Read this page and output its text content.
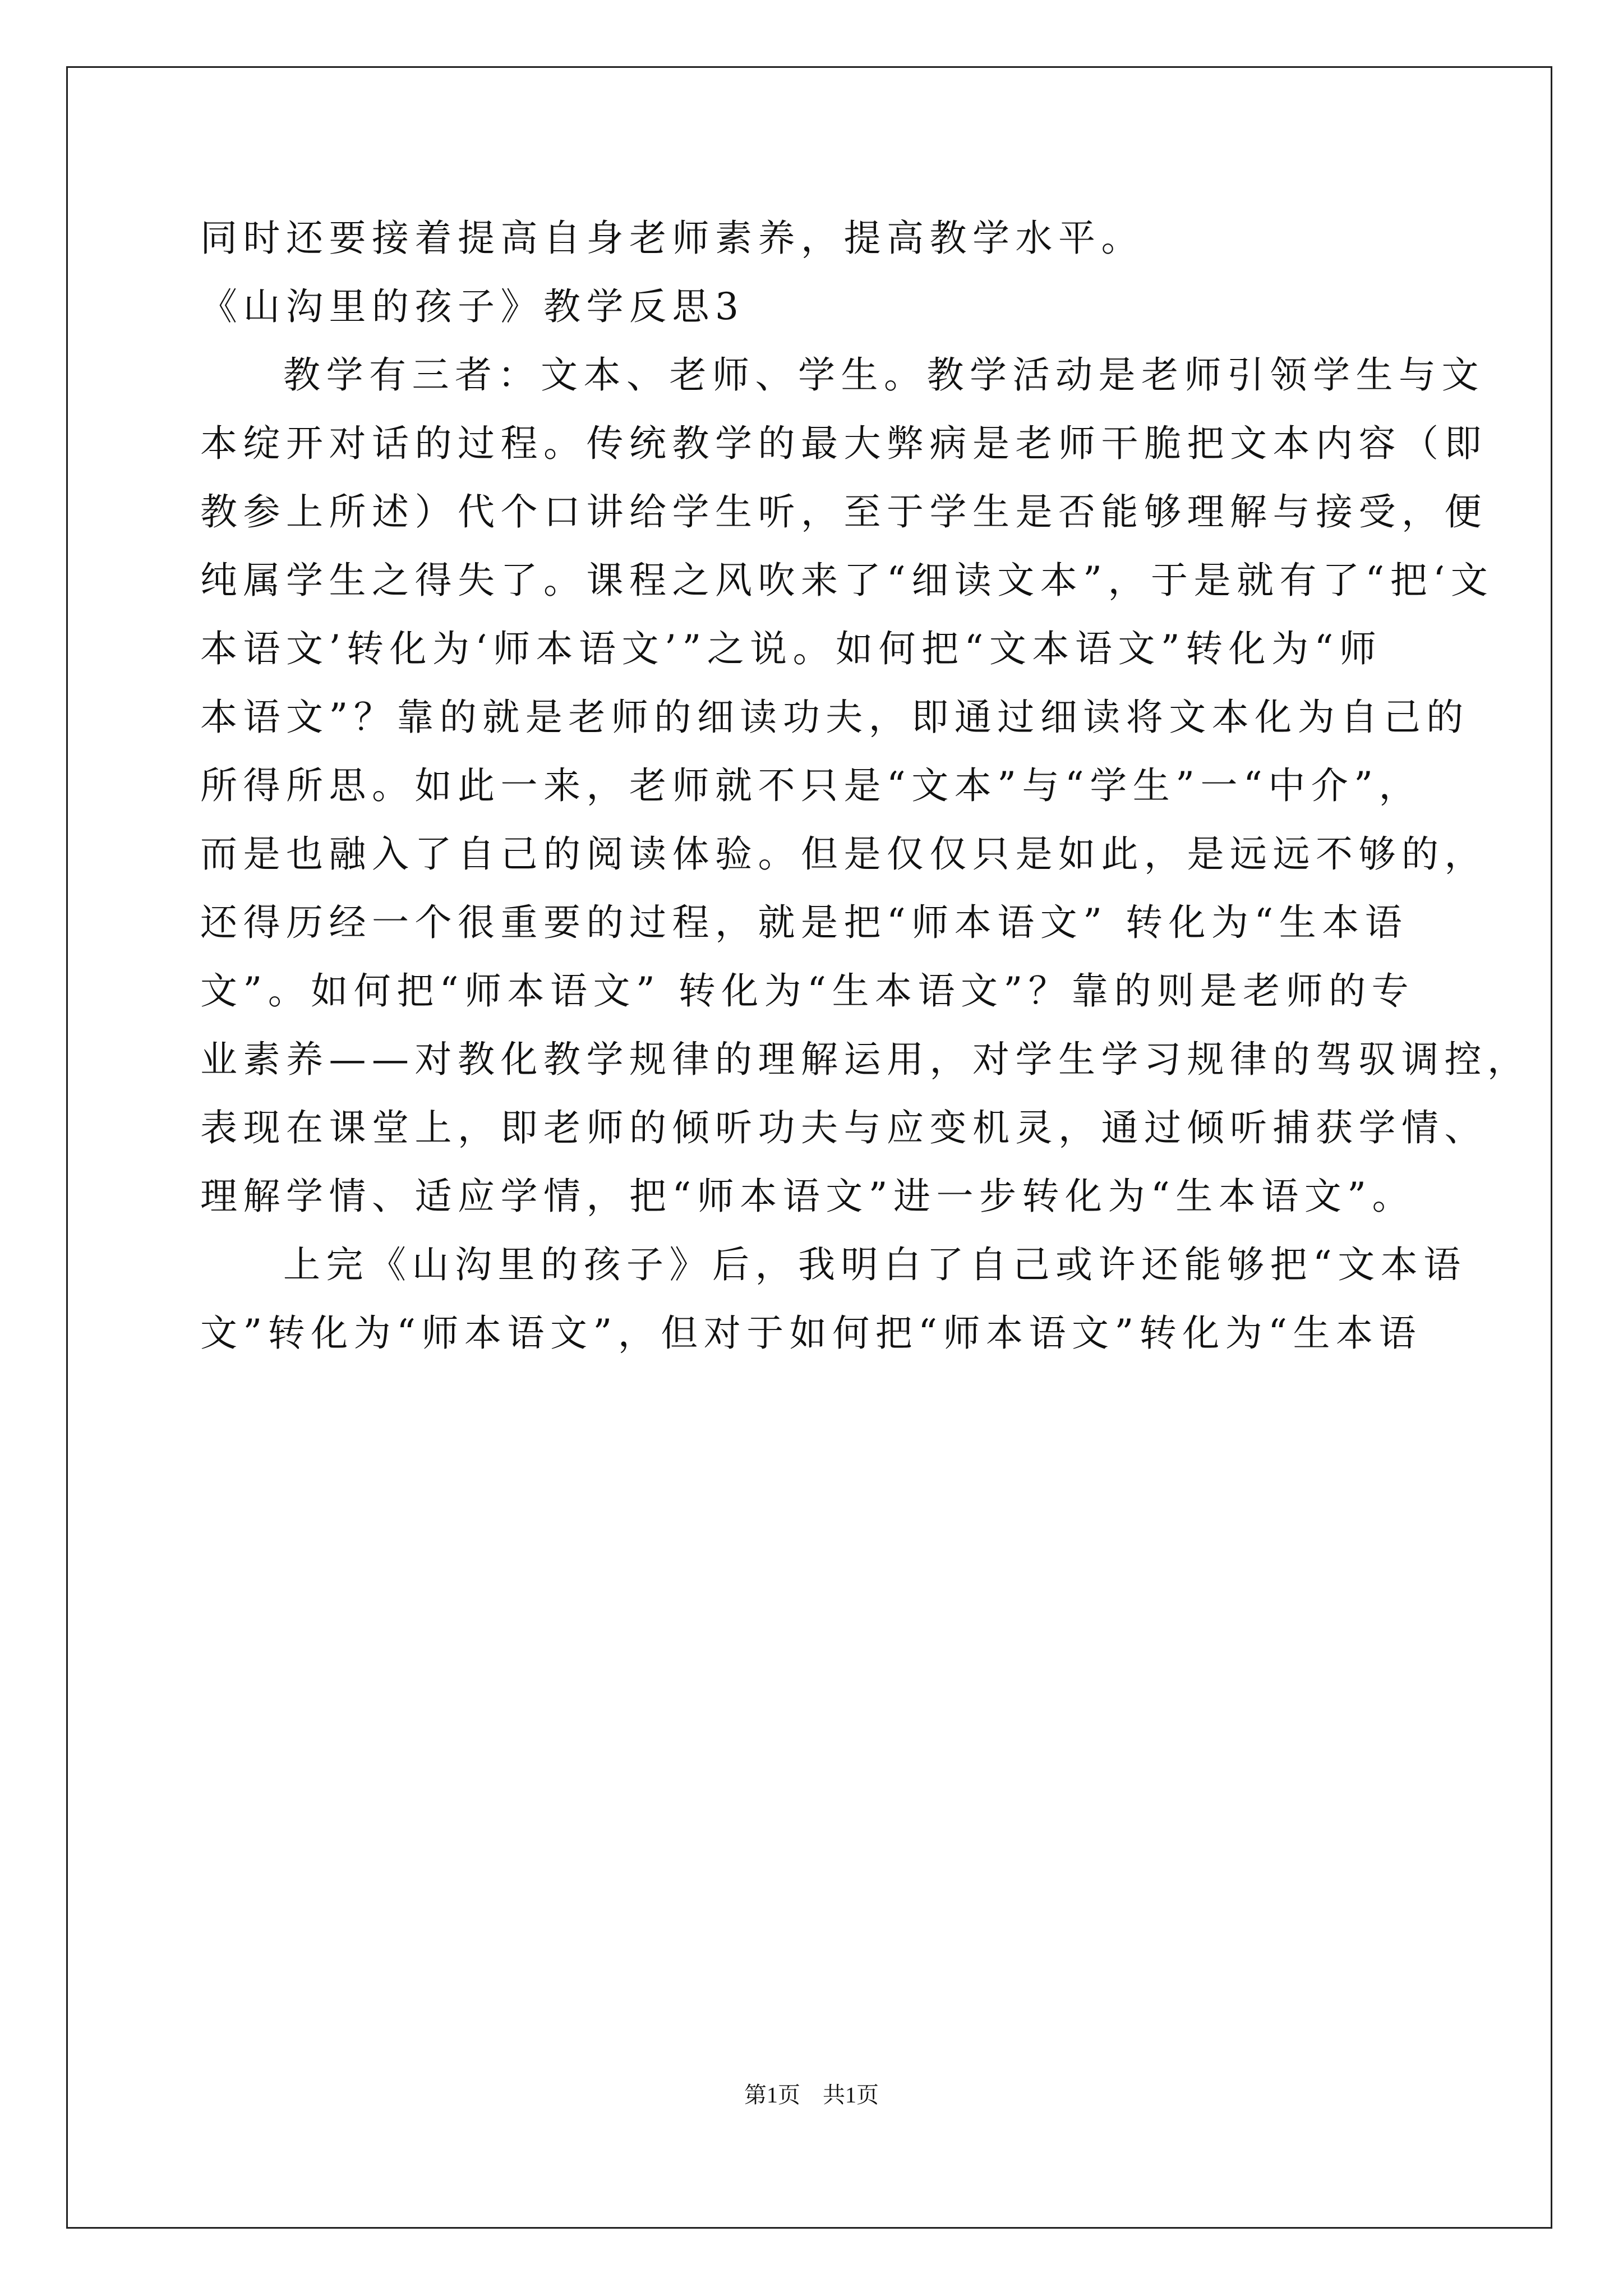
同时还要接着提高自身老师素养，提高教学水平。
《山沟里的孩子》教学反思3
教学有三者：文本、老师、学生。教学活动是老师引领学生与文
本绽开对话的过程。传统教学的最大弊病是老师干脆把文本内容（即
教参上所述）代个口讲给学生听，至于学生是否能够理解与接受，便
纯属学生之得失了。课程之风吹来了“细读文本”，于是就有了“把‘文
本语文’转化为‘师本语文’”之说。如何把“文本语文”转化为“师
本语文”？靠的就是老师的细读功夫，即通过细读将文本化为自己的
所得所思。如此一来，老师就不只是“文本”与“学生”一“中介”，
而是也融入了自己的阅读体验。但是仅仅只是如此，是远远不够的，
还得历经一个很重要的过程，就是把“师本语文” 转化为“生本语
文”。如何把“师本语文” 转化为“生本语文”？靠的则是老师的专
业素养——对教化教学规律的理解运用，对学生学习规律的驾驭调控，
表现在课堂上，即老师的倾听功夫与应变机灵，通过倾听捕获学情、
理解学情、适应学情，把“师本语文”进一步转化为“生本语文”。
上完《山沟里的孩子》后，我明白了自己或许还能够把“文本语
文”转化为“师本语文”，但对于如何把“师本语文”转化为“生本语
第1页　共1页
